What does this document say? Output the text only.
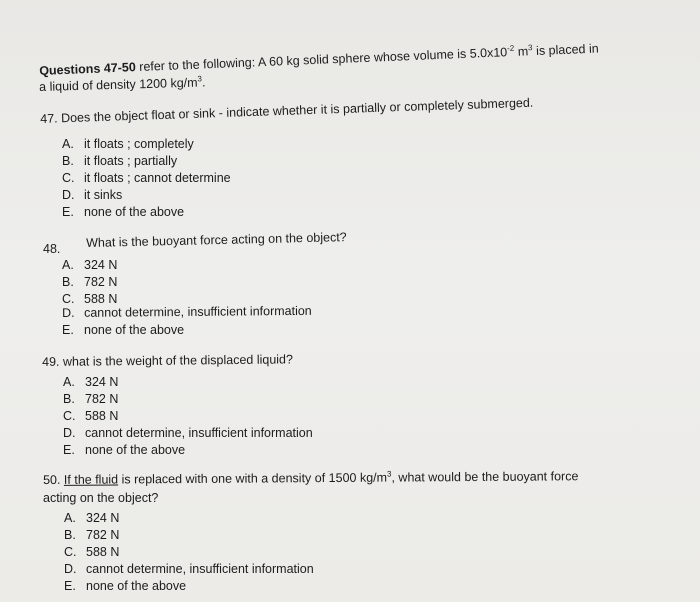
Questions 47-50 refer to the following: A 60 kg solid sphere whose volume is $5.0x10^{-2}$ $m^3$ is placed in
a liquid of density 1200 $kg/m^3$.
47. Does the object float or sink - indicate whether it is partially or completely submerged.
A. it floats ; completely
B. it floats ; partially
C. it floats ; cannot determine
D. it sinks
E. none of the above
48. What is the buoyant force acting on the object?
A. 324 N
B. 782 N
C. 588 N
D. cannot determine, insufficient information
E. none of the above
49. what is the weight of the displaced liquid?
A. 324 N
B. 782 N
C. 588 N
D. cannot determine, insufficient information
E. none of the above
50. If the fluid is replaced with one with a density of 1500 $kg/m^3$, what would be the buoyant force
acting on the object?
A. 324 N
B. 782 N
C. 588 N
D. cannot determine, insufficient information
E. none of the above
